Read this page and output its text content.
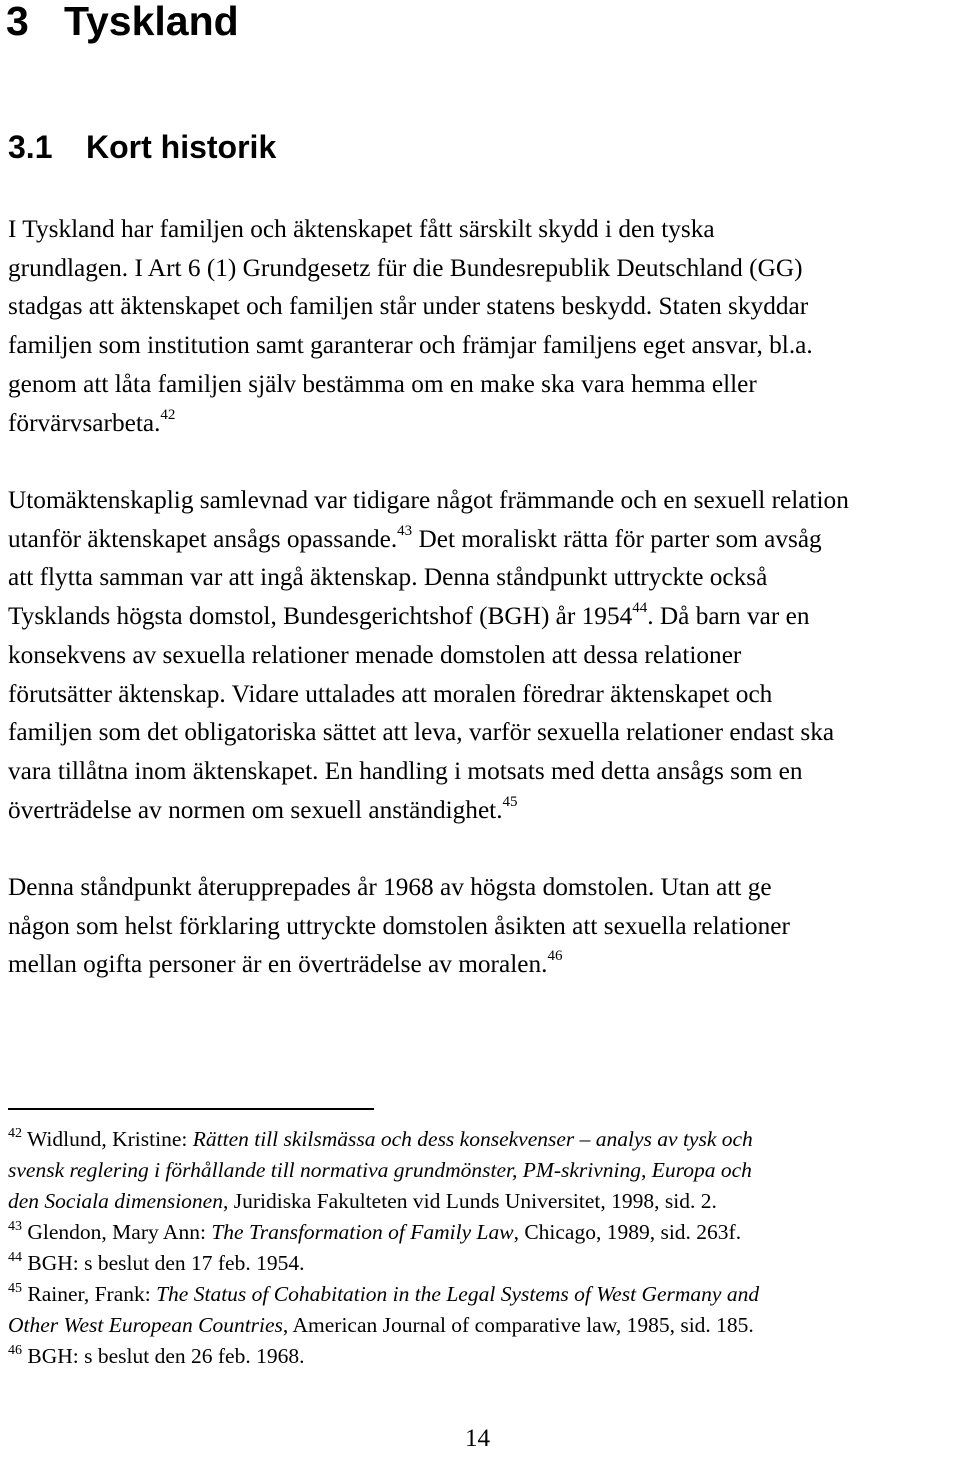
3 Tyskland
3.1 Kort historik

I Tyskland har familjen och äktenskapet fått särskilt skydd i den tyska
grundlagen. I Art 6 (1) Grundgesetz für die Bundesrepublik Deutschland (GG)
stadgas att äktenskapet och familjen står under statens beskydd. Staten skyddar
familjen som institution samt garanterar och främjar familjens eget ansvar, bl.a.
genom att låta familjen själv bestämma om en make ska vara hemma eller
förvärvsarbeta.$^{42}$

Utomäktenskaplig samlevnad var tidigare något främmande och en sexuell relation
utanför äktenskapet ansågs opassande.$^{43}$ Det moraliskt rätta för parter som avsåg
att flytta samman var att ingå äktenskap. Denna ståndpunkt uttryckte också
Tysklands högsta domstol, Bundesgerichtshof (BGH) år 1954$^{44}$. Då barn var en
konsekvens av sexuella relationer menade domstolen att dessa relationer
förutsätter äktenskap. Vidare uttalades att moralen föredrar äktenskapet och
familjen som det obligatoriska sättet att leva, varför sexuella relationer endast ska
vara tillåtna inom äktenskapet. En handling i motsats med detta ansågs som en
överträdelse av normen om sexuell anständighet.$^{45}$

Denna ståndpunkt återupprepades år 1968 av högsta domstolen. Utan att ge
någon som helst förklaring uttryckte domstolen åsikten att sexuella relationer
mellan ogifta personer är en överträdelse av moralen.$^{46}$

$^{42}$ Widlund, Kristine: Rätten till skilsmässa och dess konsekvenser – analys av tysk och
svensk reglering i förhållande till normativa grundmönster, PM-skrivning, Europa och
den Sociala dimensionen, Juridiska Fakulteten vid Lunds Universitet, 1998, sid. 2.
$^{43}$ Glendon, Mary Ann: The Transformation of Family Law, Chicago, 1989, sid. 263f.
$^{44}$ BGH: s beslut den 17 feb. 1954.
$^{45}$ Rainer, Frank: The Status of Cohabitation in the Legal Systems of West Germany and
Other West European Countries, American Journal of comparative law, 1985, sid. 185.
$^{46}$ BGH: s beslut den 26 feb. 1968.
14
